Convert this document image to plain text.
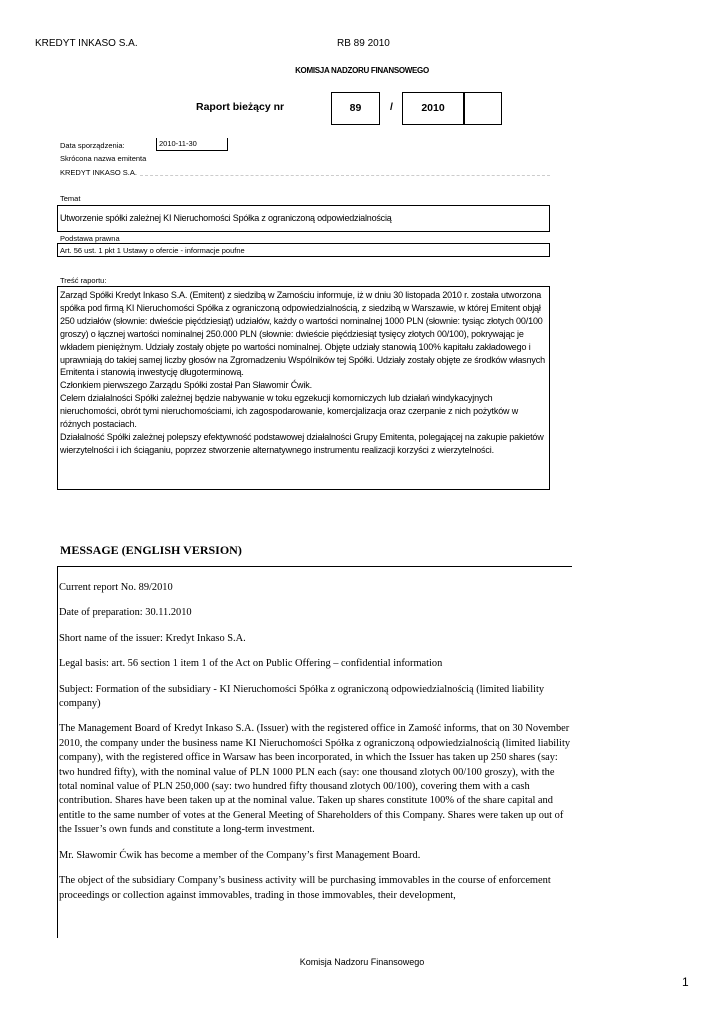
KREDYT INKASO S.A.	RB 89 2010
KOMISJA NADZORU FINANSOWEGO
Raport bieżący nr	89	/	2010
Data sporządzenia:	2010-11-30
Skrócona nazwa emitenta
KREDYT INKASO S.A.
Temat
Utworzenie spółki zależnej KI Nieruchomości Spółka z ograniczoną odpowiedzialnością
Podstawa prawna
Art. 56 ust. 1 pkt 1 Ustawy o ofercie - informacje poufne
Treść raportu:

Zarząd Spółki Kredyt Inkaso S.A. (Emitent) z siedzibą w Zamościu informuje, iż w dniu 30 listopada 2010 r. została utworzona spółka pod firmą KI Nieruchomości Spółka z ograniczoną odpowiedzialnością, z siedzibą w Warszawie, w której Emitent objął 250 udziałów (słownie: dwieście pięćdziesiąt) udziałów, każdy o wartości nominalnej 1000 PLN (słownie: tysiąc złotych 00/100 groszy) o łącznej wartości nominalnej 250.000 PLN (słownie: dwieście pięćdziesiąt tysięcy złotych 00/100), pokrywając je wkładem pieniężnym. Udziały zostały objęte po wartości nominalnej. Objęte udziały stanowią 100% kapitału zakładowego i uprawniają do takiej samej liczby głosów na Zgromadzeniu Wspólników tej Spółki. Udziały zostały objęte ze środków własnych Emitenta i stanowią inwestycję długoterminową.

Członkiem pierwszego Zarządu Spółki został Pan Sławomir Ćwik.

Celem działalności Spółki zależnej będzie nabywanie w toku egzekucji komorniczych lub działań windykacyjnych nieruchomości, obrót tymi nieruchomościami, ich zagospodarowanie, komercjalizacja oraz czerpanie z nich pożytków w różnych postaciach.

Działalność Spółki zależnej polepszy efektywność podstawowej działalności Grupy Emitenta, polegającej na zakupie pakietów wierzytelności i ich ściąganiu, poprzez stworzenie alternatywnego instrumentu realizacji korzyści z wierzytelności.

MESSAGE (ENGLISH VERSION)

Current report No. 89/2010

Date of preparation: 30.11.2010

Short name of the issuer: Kredyt Inkaso S.A.

Legal basis: art. 56 section 1 item 1 of the Act on Public Offering – confidential information

Subject: Formation of the subsidiary - KI Nieruchomości Spółka z ograniczoną odpowiedzialnością (limited liability company)

The Management Board of Kredyt Inkaso S.A. (Issuer) with the registered office in Zamość informs, that on 30 November 2010, the company under the business name KI Nieruchomości Spółka z ograniczoną odpowiedzialnością (limited liability company), with the registered office in Warsaw has been incorporated, in which the Issuer has taken up 250 shares (say: two hundred fifty), with the nominal value of PLN 1000 PLN each (say: one thousand zlotych 00/100 groszy), with the total nominal value of PLN 250,000 (say: two hundred fifty thousand zlotych 00/100), covering them with a cash contribution. Shares have been taken up at the nominal value. Taken up shares constitute 100% of the share capital and entitle to the same number of votes at the General Meeting of Shareholders of this Company. Shares were taken up out of the Issuer’s own funds and constitute a long-term investment.

Mr. Sławomir Ćwik has become a member of the Company’s first Management Board.

The object of the subsidiary Company’s business activity will be purchasing immovables in the course of enforcement proceedings or collection against immovables, trading in those immovables, their development,

Komisja Nadzoru Finansowego
1
